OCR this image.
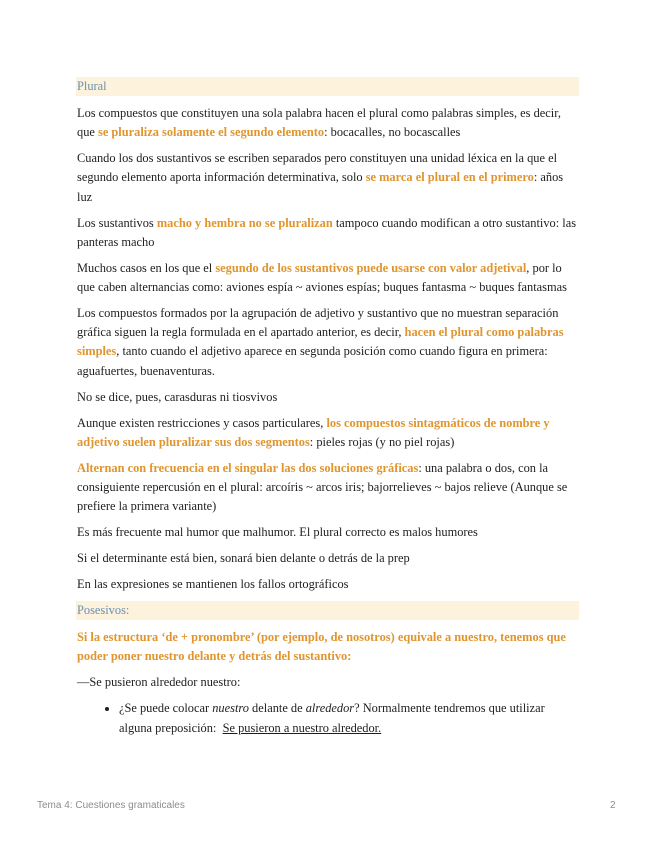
Plural

Los compuestos que constituyen una sola palabra hacen el plural como palabras simples, es decir, que se pluraliza solamente el segundo elemento: bocacalles, no bocascalles

Cuando los dos sustantivos se escriben separados pero constituyen una unidad léxica en la que el segundo elemento aporta información determinativa, solo se marca el plural en el primero: años luz

Los sustantivos macho y hembra no se pluralizan tampoco cuando modifican a otro sustantivo: las panteras macho

Muchos casos en los que el segundo de los sustantivos puede usarse con valor adjetival, por lo que caben alternancias como: aviones espía ~ aviones espías; buques fantasma ~ buques fantasmas

Los compuestos formados por la agrupación de adjetivo y sustantivo que no muestran separación gráfica siguen la regla formulada en el apartado anterior, es decir, hacen el plural como palabras simples, tanto cuando el adjetivo aparece en segunda posición como cuando figura en primera: aguafuertes, buenaventuras.

No se dice, pues, carasduras ni tiosvivos

Aunque existen restricciones y casos particulares, los compuestos sintagmáticos de nombre y adjetivo suelen pluralizar sus dos segmentos: pieles rojas (y no piel rojas)

Alternan con frecuencia en el singular las dos soluciones gráficas: una palabra o dos, con la consiguiente repercusión en el plural: arcoíris ~ arcos iris; bajorrelieves ~ bajos relieve (Aunque se prefiere la primera variante)

Es más frecuente mal humor que malhumor. El plural correcto es malos humores

Si el determinante está bien, sonará bien delante o detrás de la prep

En las expresiones se mantienen los fallos ortográficos

Posesivos:

Si la estructura ‘de + pronombre’ (por ejemplo, de nosotros) equivale a nuestro, tenemos que poder poner nuestro delante y detrás del sustantivo:

—Se pusieron alrededor nuestro:

• ¿Se puede colocar nuestro delante de alrededor? Normalmente tendremos que utilizar alguna preposición:  Se pusieron a nuestro alrededor.
Tema 4: Cuestiones gramaticales	2
